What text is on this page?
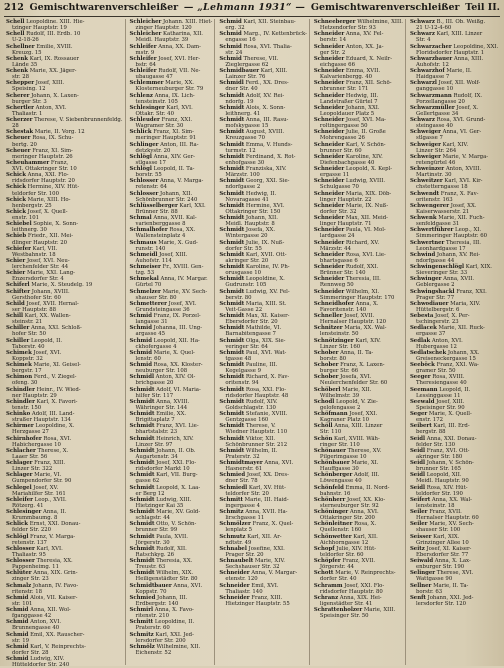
212 Gemischtwarenverschleißer — „Lehmann 1931“ — Gemischtwarenverschleißer Teil II.
Schell Leopoldine. XIII. Hie-
tzinger Hauptstr. 19
Schell Rudolf, III. Erdb. 10
U-2-18-26
Schellner Emilie, XVIII.
Kreuzg. 15
Schenk Karl, IX. Rossauer
Lände 35
Schenk Marie, XX. Jäger-
str. 28
Schepper Josef, XIII.
Speising. 12
Scherer Johann, X. Laxen-
burger Str. 3
Schertler Anton, XVI.
Thaliastr. 1
Scherzer Therese, V. Siebenbrunnenfeldg.
28
Schestak Marie, II. Vorg. 12
Scheuer Rosa, IX. Schu-
bertg. 20
Scheuer Franz, XI. Sim-
meringer Hauptstr. 26
Scheuhammer Franz,
XVI. Ottakringer Str. 10
Schick Anna, XXI. Flo-
ridsdorfer Hauptstr. 20
Schick Hermine, XIV. Hüt-
teldorfer Str. 100
Schick Marie, XIII. Ho-
henbergstr. 25
Schick Josef, X. Quell-
enstr. 101
Schiebel Sophie, X. Sonn-
leithnerg. 30
Schieb Friedr., XII. Mei-
dlinger Hauptstr. 20
Schiefer Karl, VII.
Westbahnstr. 18
Schier Josef, XVI. Neu-
lerchenfelder Str. 44
Schier Marie, XXI. Lang-
Enzersdorfer Str. 4
Schiferl Marie, X. Steudelg. 19
Schifter Johann, XVIII.
Gersthofer Str. 60
Schild Josef, XVII. Hernal-
ser Hauptstr. 88
Schill Karl, XX. Wallen-
steinstr. 21
Schiller Anna, XXI. Schloß-
hofer Str. 50
Schiller Leopold, II.
Taborstr. 40
Schimek Josef, XVI.
Koppstr. 32
Schimek Marie, XI. Geisel-
bergstr. 17
Schimon Ferd., V. Ziegel-
ofeng. 30
Schindler Heinr., IV. Wied-
ner Hauptstr. 29
Schindler Karl, X. Favori-
tenstr. 150
Schinko Adolf, III. Land-
straßer Hauptstr. 134
Schirmer Leopoldine, X.
Herzgasse 27
Schirnhofer Rosa, XVI.
Habichergasse 10
Schlacher Therese, X.
Laaer Str. 56
Schlager Franz, XIII.
Linzer Str. 322
Schlager Marie, VI.
Gumpendorfer Str. 90
Schlegel Josef, XV.
Mariahilfer Str. 161
Schleifer Leop., XVII.
Rötzerg. 41
Schlesinger Anna, II.
Krummbaumg. 8
Schlick Ernst, XXI. Donau-
felder Str. 220
Schlögl Franz, V. Marga-
retenstr. 137
Schlosser Karl, XVI.
Thaliastr. 95
Schlosser Theresia, XX.
Pappenheimg. 11
Schlüter Anna, XIX. Grin-
zinger Str. 23
Schmalz Johann, IV. Favo-
ritenstr. 18
Schmid Alois, VII. Kaiser-
str. 101
Schmid Anna, XII. Wol-
fganggasse 42
Schmid Anton, XVI.
Brunnengasse 40
Schmid Emil, XX. Rauscher-
str. 19
Schmid Karl, V. Reinprechts-
dorfer Str. 28
Schmid Ludwig, XIV.
Hütteldorfer Str. 240
Schleicher Johann. XIII. Hiet-
zinger Hauptstr. 120
Schleicher Katharina, XII.
Meidl. Hauptstr. 39
Schleifer Anna, XX. Dam-
mstr. 9
Schleifer Josef, XVI. Her-
bstr. 64
Schleifer Rudolf, VII. Ne-
ubaugasse 47
Schlemmer Marie, XX.
Klosterneuburger Str. 79
Schlenz Anna, IX. Lich-
tensteinstr. 105
Schlesinger Karl, XVI.
Ottakr. Str. 40
Schleuder Franz, XXI.
Wagramer Str. 30
Schlick Franz, XI. Sim-
meringer Hauptstr. 91
Schlinger Anton, III. Ra-
detzkystr. 20
Schlögl Anna, XIV. Ger-
stlgasse 17
Schlögl Leopold, II. Ta-
borstr. 55
Schlosser Anna, V. Marga-
retenstr. 64
Schlosser Johann, XII.
Schönbrunner Str. 240
Schlüsselberger Karl, XXI.
Brünner Str. 88
Schmal Anna, XVII. Kal-
varienberggasse 8
Schmalhofer Rosa, XX.
Wallensteinplatz 4
Schmaus Marie, X. Gud-
runstr. 140
Schmeidl Josef, XIII.
Auhofstr. 114
Schmeiser Fr., XVIII. Gen-
tzg. 53
Schmekal Anna, IV. Margar.
Gürtel 70
Schmelzer Marie, XV. Sech-
shauser Str. 80
Schmetterer Josef, XVI.
Grundsteingasse 36
Schmid Franz, IX. Porzel-
langasse 31
Schmid Johanna, III. Ung-
argasse 45
Schmid Leopold, XII. Ha-
ckhofergasse 4
Schmid Marie, X. Quel-
lenstr. 60
Schmid Rosa, XX. Kloster-
neuburger Str. 108
Schmidl Anton, XIV. Ol-
brichgasse 20
Schmidt Adolf, VI. Maria-
hilfer Str. 117
Schmidt Anna, XVIII.
Währinger Str. 144
Schmidt Emilie, XX.
Brigittaplatz 7
Schmidt Franz, XVI. Lie-
bhartstalstr. 23
Schmidt Heinrich, XIV.
Linzer Str. 97
Schmidt Johann, II. Ob.
Augartenstr. 34
Schmidt Josef, XXI. Flo-
ridsdorfer Markt 10
Schmidt Karl, VII. Burg-
gasse 62
Schmidt Leopold, X. Laa-
er Berg 12
Schmidt Ludwig, XIII.
Hietzinger Kai 35
Schmidt Marie, XV. Gold-
schlagstr. 44
Schmidt Otto, V. Schön-
brunner Str. 99
Schmidt Paula, XVII.
Jörgerstr. 30
Schmidt Rudolf, XII.
Ratschkyg. 26
Schmidt Theresia, XX.
Treustr. 63
Schmidt Wilhelm, XIX.
Heiligenstädter Str. 80
Schmidtbauer Anna, XVI.
Koppstr. 70
Schmied Johann, III.
Erdbergstr. 140
Schmirl Anna, X. Favo-
ritenstr. 210
Schmitt Leopoldine, II.
Praterstr. 60
Schmitz Karl, XXI. Jed-
lersdorfer Str. 200
Schmölz Wilhelmine, XII.
Eichenstr. 52
Schmid Karl, XII. Steinbau-
erg. 32
Schmid Marg., IV. Kettenbrück-
engasse 16
Schmid Rosa, XVI. Thalia-
str. 24
Schmid Therese, VII.
Zieglergasse 62
Schmidbauer Karl, XIII.
Lainzer Str. 76
Schmidl Ferd., XX. Dres-
dner Str. 40
Schmidt Adolf, XV. Rei-
ndorfg. 19
Schmidt Alois, X. Sonn-
leithnerg. 41
Schmidt Anna, III. Rasu-
mofskygasse 15
Schmidt August, XVIII.
Kreuzgasse 70
Schmidt Emma, V. Hunds-
turmstr. 12
Schmidt Ferdinand, X. Rot-
enhofgasse 30
Schmidt Franziska, XIV.
Märzstr. 100
Schmidt Georg, XXI. Sie-
ndorfgasse 2
Schmidt Hedwig, II.
Novaragasse 41
Schmidt Hermine, XVI.
Ottakringer Str. 150
Schmidt Johann, XII.
Meidl. Hauptstr. 8
Schmidt Josefa, XX.
Wintergasse 20
Schmidt Julie, IX. Nuß-
dorfer Str. 55
Schmidt Karl, XVII. Ott-
akringer Str. 20
Schmidt Karoline, IV. Ph-
orusgasse 10
Schmidt Leopoldine, X.
Gudrunstr. 105
Schmidt Ludwig, XV. Fel-
berstr. 80
Schmidt Maria, XIII. St.
Veit-Gasse 22
Schmidt Max, XI. Kaiser-
Ebersdorfer Str. 20
Schmidt Mathilde, VI.
Barnabitengasse 7
Schmidt Olga, XIX. Sie-
veringer Str. 64
Schmidt Paul, XVI. Wat-
tgasse 48
Schmidt Pauline, III.
Kegelgasse 9
Schmidt Richard, X. Fav-
oritenstr. 94
Schmidt Rosa, XXI. Flo-
ridsdorfer Hauptstr. 48
Schmidt Rudolf, XIV.
Goldschlagstr. 130
Schmidt Stefanie, XVIII.
Gentzgasse 160
Schmidt Therese, V.
Wiedner Hauptstr. 110
Schmidt Viktor, XII.
Schönbrunner Str. 212
Schmidt Wilhelm, II.
Praterstr. 32
Schmidtmayer Anna, XVI.
Hasnerstr. 61
Schmied Josef, XX. Dres-
dner Str. 78
Schmiedl Karl, XV. Hüt-
teldorfer Str. 20
Schmitt Marie, III. Haid-
ingergasse 4
Schmitz Anna, XVII. Ha-
lirschgasse 11
Schmölzer Franz, X. Quel-
lenplatz 5
Schmutz Karl, XII. Ar-
ndtstr. 49
Schnabel Josefine, XXI.
Prager Str. 20
Schnaubelt Marie, XIV.
Sechshauser Str. 32
Schneider Anna, V. Margar-
etenstr. 120
Schneider Emil, XVI.
Thaliastr. 140
Schneider Franz, XIII.
Hietzinger Hauptstr. 55
Schneeberger Wilhelmine, XIII.
Hetzendorfer Str. 93
Schneider Anna, XV. Fel-
berstr. 14
Schneider Anton, XX. Ja-
ger Str. 2
Schneider Eduard, X. Neilr-
eichgasse 66
Schneider Emma, XVII.
Kalvarienbergg. 40
Schneider Franz, XII. Schö-
nbrunner Str. 171
Schneider Hedwig, III.
Landstraßer Gürtel 7
Schneider Johann, XXI.
Leopoldauer Platz 5
Schneider Josef, XVI. Ma-
roltingergasse 50
Schneider Julie, II. Große
Mohrengasse 26
Schneider Karl, V. Schön-
brunner Str. 60
Schneider Karoline, XIV.
Diefenbachgasse 40
Schneider Leopold, X. Kepl-
ergasse 11
Schneider Ludwig, XVIII.
Schulgasse 70
Schneider Maria, XIX. Döb-
linger Hauptstr. 22
Schneider Marie, IX. Nuß-
dorfer Str. 32
Schneider Max, XII. Meid-
linger Hauptstr. 71
Schneider Paula, VI. Mol-
lardgasse 24
Schneider Richard, XV.
Märzstr. 44
Schneider Rosa, XVI. Lie-
bhartsgasse 6
Schneider Rudolf, XXI.
Brünner Str. 140
Schneider Theresia, III.
Rennweg 50
Schneider Wilhelm, XI.
Simmeringer Hauptstr. 170
Schneidhofer Anna, X.
Favoritenstr. 140
Schneller Josef, XVII.
Hernalser Hauptstr. 120
Schnitzer Maria, XX. Wal-
lensteinstr. 50
Schnötzinger Karl, XIV.
Linzer Str. 160
Schober Anna, II. Ta-
borstr. 80
Schober Franz, X. Laxen-
burger Str. 66
Schober Josefa, XVI.
Neulerchenfelder Str. 60
Schöberl Marie, XII.
Wilhelmstr. 39
Schodl Leopold, V. Zie-
gelofengasse 2
Schöfmann Josef, XXI.
Kagraner Platz 10
Schöll Anna, XIII. Linzer
Str. 110
Schön Karl, XVIII. Wäh-
ringer Str. 110
Schönauer Therese, XV.
Pilgerimgasse 10
Schönbauer Marie, XI.
Hauffgasse 30
Schönberger Adolf, III.
Löwengasse 40
Schönfeld Emma, II. Nord-
bahnstr. 16
Schönherr Josef, XX. Klo-
sterneuburger Str. 92
Schöninger Anna, XVI.
Ottakringer Str. 200
Schönleitner Rosa, X.
Quellenstr. 160
Schönwetter Karl, XII.
Aichhorngasse 12
Schopf Julie, XIV. Hüt-
teldorfer Str. 60
Schöpfer Franz, XVII.
Jörgerstr. 44
Schott Marie, V. Reinprechts-
dorfer Str. 40
Schramm Josef, XXI. Flo-
ridsdorfer Hauptstr. 80
Schranz Anna, XIX. Hei-
ligenstädter Str. 41
Schrattenholzer Marie, XIII.
Speisinger Str. 50
Schwarz B., III. Ob. Weißg.
21 U-12-4-60
Schwarz Karl, XIII. Linzer
Str. 4
Schwarzacher Leopoldine, XXI.
Floridsdorfer Hauptstr. 1
Schwarzbauer Anna, XIII.
Auhofstr. 12
Schwarzhof Marie, II.
Haidgasse 7
Schwarzl Josef, XII. Wolf-
ganggasse 10
Schwarzmann Rudolf, IX.
Porzellangasse 20
Schwarzmüller Josef, X.
Gellertgasse 34
Schwarz Rosa, XVI. Grund-
steingasse 40
Schweiger Anna, VI. Ger-
stlgasse 7
Schweiger Karl, XIV.
Linzer Str. 264
Schweiger Marie, V. Marga-
retengürtel 46
Schweinzer Anton, XVIII.
Martinstr. 30
Schweitzer Karl, XVI. Kir-
chstetterngasse 18
Schwendt Franz, X. Fav-
oritenstr. 163
Schwengerer Josef, XX.
Kaiserwasserstr. 21
Schwenk Marie, XII. Fuch-
senfeldgasse 31
Schwertführer Leop., XI.
Simmeringer Hauptstr. 60
Schwertner Theresia, III.
Leonhardgasse 17
Schwind Johann, XV. Rei-
ndorfgasse 44
Schwingenschlögl Karl, XIX.
Sieveringer Str. 33
Schwinger Anna, XVII.
Geblergasse 2
Schwingshackl Franz, XXI.
Prager Str. 77
Schwodiauer Maria, XIV.
Hüttelbergstr. 6
Sebesta Josef, X. Per-
tschingerstr. 23
Sedlacek Marie, XII. Ruck-
ergasse 37
Sedlak Anton, XVI.
Hubergasse 12
Sedlatschek Johann, XX.
Greiseneckergasse 15
Seeböck Franz, XXI. Wa-
gramer Str. 50
Seeger Rosa, XVIII.
Theresiengasse 40
Seemann Leopold, II.
Lessinggasse 11
Seewald Josef, XIII.
Speisinger Str. 90
Seger Marie, X. Quell-
enstr. 172
Seibert Karl, III. Erd-
bergstr. 88
Seidl Anna, XXI. Donau-
felder Str. 130
Seidl Franz, XVI. Ott-
akringer Str. 180
Seidl Johann, V. Schön-
brunner Str. 165
Seidl Leopold, XII.
Meidl. Hauptstr. 90
Seidl Rosa, XIV. Hüt-
teldorfer Str. 190
Seifert Anna, XX. Wal-
lensteinstr. 18
Seiler Franz, XVII.
Hernalser Hauptstr. 60
Seiler Marie, XV. Sech-
shauser Str. 100
Seisser Karl, XIX.
Grinzinger Allee 10
Seitz Josef, XI. Kaiser-
Ebersdorfer Str. 77
Seiwald Anna, X. Lax-
enburger Str. 190
Selinger Therese, XVI.
Wattgasse 90
Sellner Marie, II. Ta-
borstr. 63
Senft Johann, XXI. Jed-
lersdorfer Str. 120
